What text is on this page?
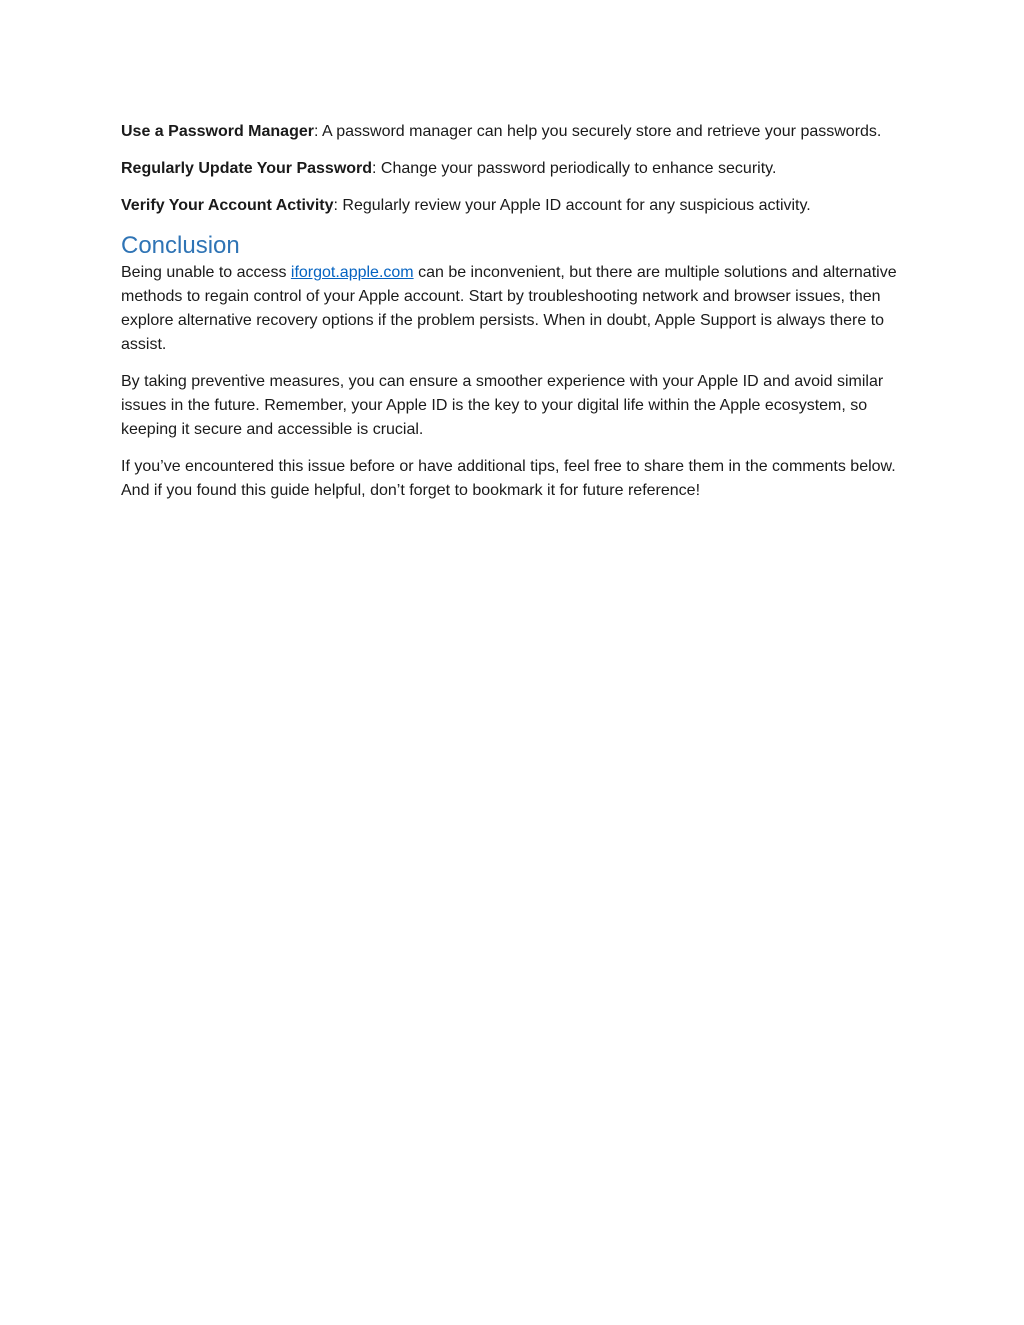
Use a Password Manager: A password manager can help you securely store and retrieve your passwords.

Regularly Update Your Password: Change your password periodically to enhance security.

Verify Your Account Activity: Regularly review your Apple ID account for any suspicious activity.

Conclusion

Being unable to access iforgot.apple.com can be inconvenient, but there are multiple solutions and alternative methods to regain control of your Apple account. Start by troubleshooting network and browser issues, then explore alternative recovery options if the problem persists. When in doubt, Apple Support is always there to assist.

By taking preventive measures, you can ensure a smoother experience with your Apple ID and avoid similar issues in the future. Remember, your Apple ID is the key to your digital life within the Apple ecosystem, so keeping it secure and accessible is crucial.

If you’ve encountered this issue before or have additional tips, feel free to share them in the comments below. And if you found this guide helpful, don’t forget to bookmark it for future reference!
